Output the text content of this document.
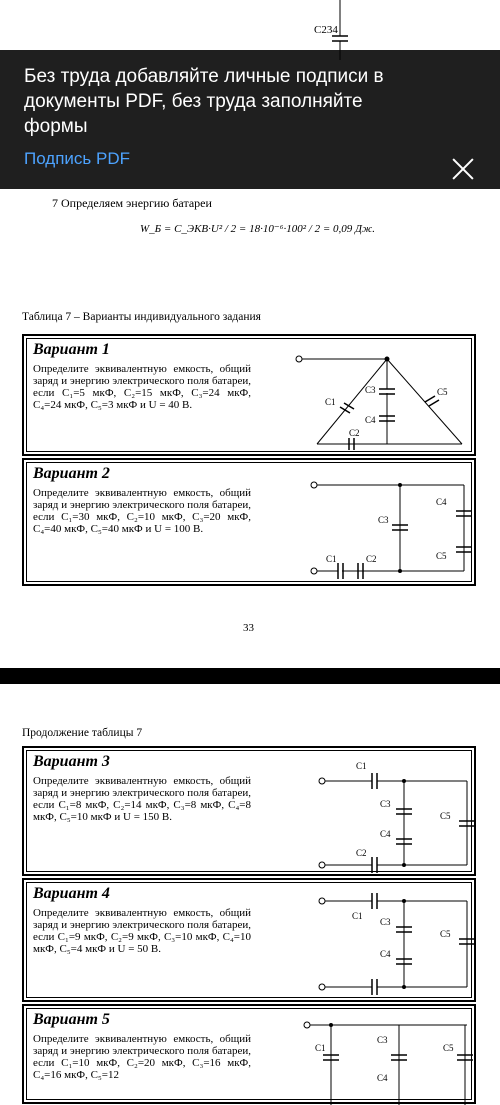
C234
7 Определяем энергию батареи
W_Б = C_ЭКВ·U² / 2 = 18·10⁻⁶·100² / 2 = 0,09 Дж.
Таблица 7 – Варианты индивидуального задания
Вариант 1
Определите эквивалентную емкость, общий заряд и энергию электрического поля батареи, если C₁=5 мкФ, C₂=15 мкФ, C₃=24 мкФ, C₄=24 мкФ, C₅=3 мкФ и U = 40 В.	C1
C3	C5
C4
C2
Вариант 2
Определите эквивалентную емкость, общий заряд и энергию электрического поля батареи, если C₁=30 мкФ, C₂=10 мкФ, C₃=20 мкФ, C₄=40 мкФ, C₅=40 мкФ и U = 100 В.
C3
C4
C5
C1	C2
33
Продолжение таблицы 7
Вариант 3
Определите эквивалентную емкость, общий заряд и энергию электрического поля батареи, если C₁=8 мкФ, C₂=14 мкФ, C₃=8 мкФ, C₄=8 мкФ, C₅=10 мкФ и U = 150 В.
C1
C2
C3
C4
C5
Вариант 4
Определите эквивалентную емкость, общий заряд и энергию электрического поля батареи, если C₁=9 мкФ, C₂=9 мкФ, C₃=10 мкФ, C₄=10 мкФ, C₅=4 мкФ и U = 50 В.
C1
C3
C4
C5
Вариант 5
Определите эквивалентную емкость, общий заряд и энергию электрического поля батареи, если C₁=10 мкФ, C₂=20 мкФ, C₃=16 мкФ, C₄=16 мкФ, C₅=12
C1
C3
C4
C5
Без труда добавляйте личные подписи в документы PDF, без труда заполняйте формы
Подпись PDF
